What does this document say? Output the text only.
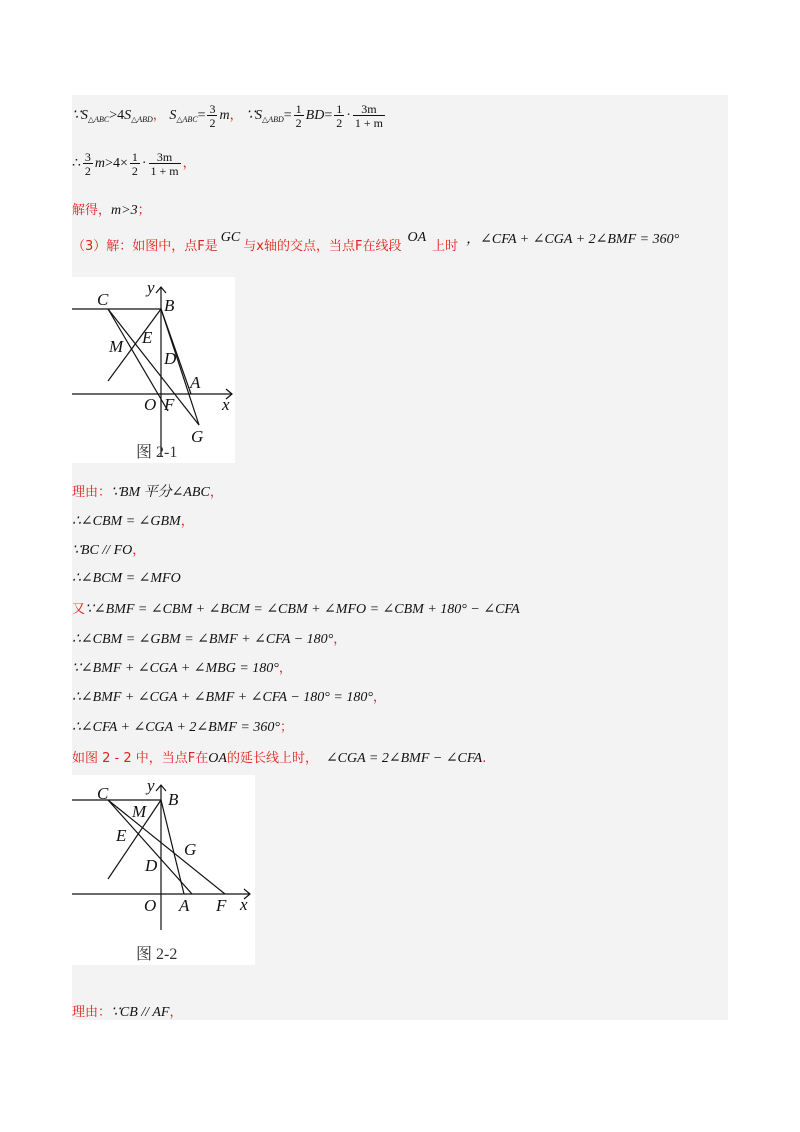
$\because S_{\triangle ABC}>4S_{\triangle ABD}$， $S_{\triangle ABC}= \frac{3}{2}$ m， $\because S_{\triangle ABD}= \frac{1}{2} BD= \frac{1}{2} \cdot \frac{3m}{1 + m}$
∴ $\frac{3}{2} m>4\times \frac{1}{2} \cdot \frac{3m}{1 + m}$ ，
解得，m>3；
（3）解：如图中，点F是GC与x轴的交点，当点F在线段OA上时 ，∠CFA + ∠CGA + 2∠BMF = 360°
y
x
B
C
M E
D
A
O F
G
图 2-1
理由：∵BM 平分∠ABC，
∴∠CBM = ∠GBM，
∵BC // FO，
∴∠BCM = ∠MFO
又∵∠BMF = ∠CBM + ∠BCM = ∠CBM + ∠MFO = ∠CBM + 180° − ∠CFA
∴∠CBM = ∠GBM = ∠BMF + ∠CFA − 180°，
∵∠BMF + ∠CGA + ∠MBG = 180°，
∴∠BMF + ∠CGA + ∠BMF + ∠CFA − 180° = 180°，
∴∠CFA + ∠CGA + 2∠BMF = 360°；
如图 2 - 2 中，当点F在OA的延长线上时， ∠CGA = 2∠BMF − ∠CFA.
y
x
B
C
M
E
D
G
O A F
图 2-2
理由：∵CB // AF，
